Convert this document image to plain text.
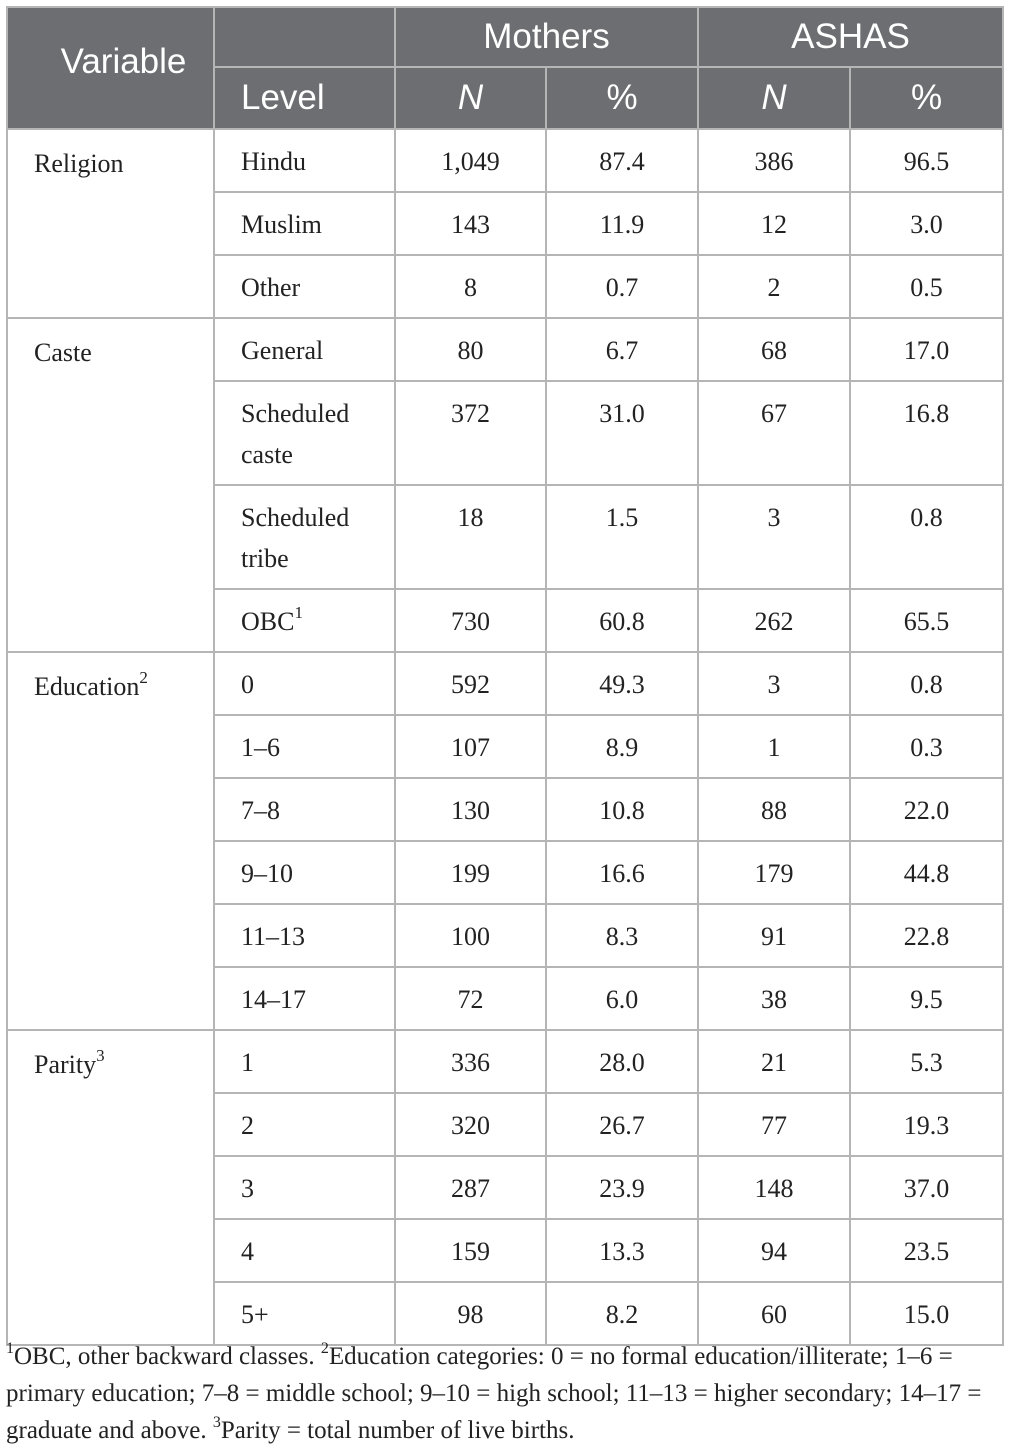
Variable		Mothers		ASHAS	
	Level	N	%	N	%
Religion	Hindu	1,049	87.4	386	96.5
	Muslim	143	11.9	12	3.0
	Other	8	0.7	2	0.5
Caste	General	80	6.7	68	17.0
	Scheduled caste	372	31.0	67	16.8
	Scheduled tribe	18	1.5	3	0.8
	OBC$^1$	730	60.8	262	65.5
Education$^2$	0	592	49.3	3	0.8
	1–6	107	8.9	1	0.3
	7–8	130	10.8	88	22.0
	9–10	199	16.6	179	44.8
	11–13	100	8.3	91	22.8
	14–17	72	6.0	38	9.5
Parity$^3$	1	336	28.0	21	5.3
	2	320	26.7	77	19.3
	3	287	23.9	148	37.0
	4	159	13.3	94	23.5
	5+	98	8.2	60	15.0
$^1$OBC, other backward classes. $^2$Education categories: 0 = no formal education/illiterate; 1–6 = primary education; 7–8 = middle school; 9–10 = high school; 11–13 = higher secondary; 14–17 = graduate and above. $^3$Parity = total number of live births.
